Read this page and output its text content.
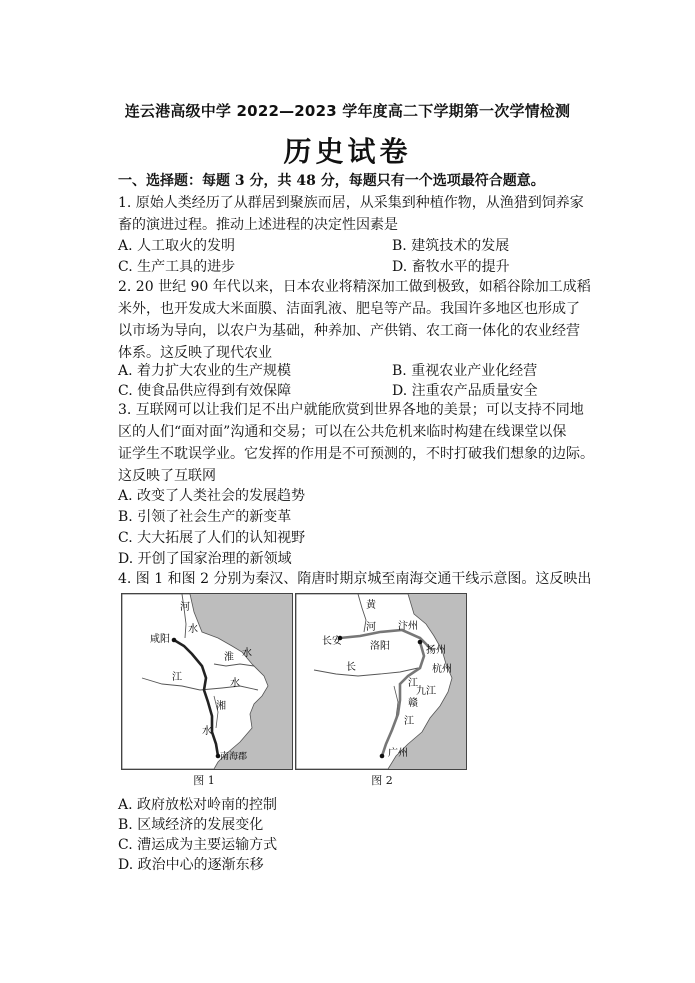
连云港高级中学 2022—2023 学年度高二下学期第一次学情检测
历史试卷
一、选择题：每题 3 分，共 48 分，每题只有一个选项最符合题意。
1. 原始人类经历了从群居到聚族而居，从采集到种植作物，从渔猎到饲养家
畜的演进过程。推动上述进程的决定性因素是
A. 人工取火的发明	B. 建筑技术的发展
C. 生产工具的进步	D. 畜牧水平的提升
2. 20 世纪 90 年代以来，日本农业将精深加工做到极致，如稻谷除加工成稻
米外，也开发成大米面膜、洁面乳液、肥皂等产品。我国许多地区也形成了
以市场为导向，以农户为基础，种养加、产供销、农工商一体化的农业经营
体系。这反映了现代农业
A. 着力扩大农业的生产规模	B. 重视农业产业化经营
C. 使食品供应得到有效保障	D. 注重农产品质量安全
3. 互联网可以让我们足不出户就能欣赏到世界各地的美景；可以支持不同地
区的人们“面对面”沟通和交易；可以在公共危机来临时构建在线课堂以保
证学生不耽误学业。它发挥的作用是不可预测的，不时打破我们想象的边际。
这反映了互联网
A. 改变了人类社会的发展趋势
B. 引领了社会生产的新变革
C. 大大拓展了人们的认知视野
D. 开创了国家治理的新领域
4. 图 1 和图 2 分别为秦汉、隋唐时期京城至南海交通干线示意图。这反映出
河
水
咸阳
淮 水
江
水
湘
水
南海郡
图 1
黄
河
长安	洛阳
汴州
扬州
长
江
杭州
九江
赣
江
广州
图 2
A. 政府放松对岭南的控制
B. 区域经济的发展变化
C. 漕运成为主要运输方式
D. 政治中心的逐渐东移
